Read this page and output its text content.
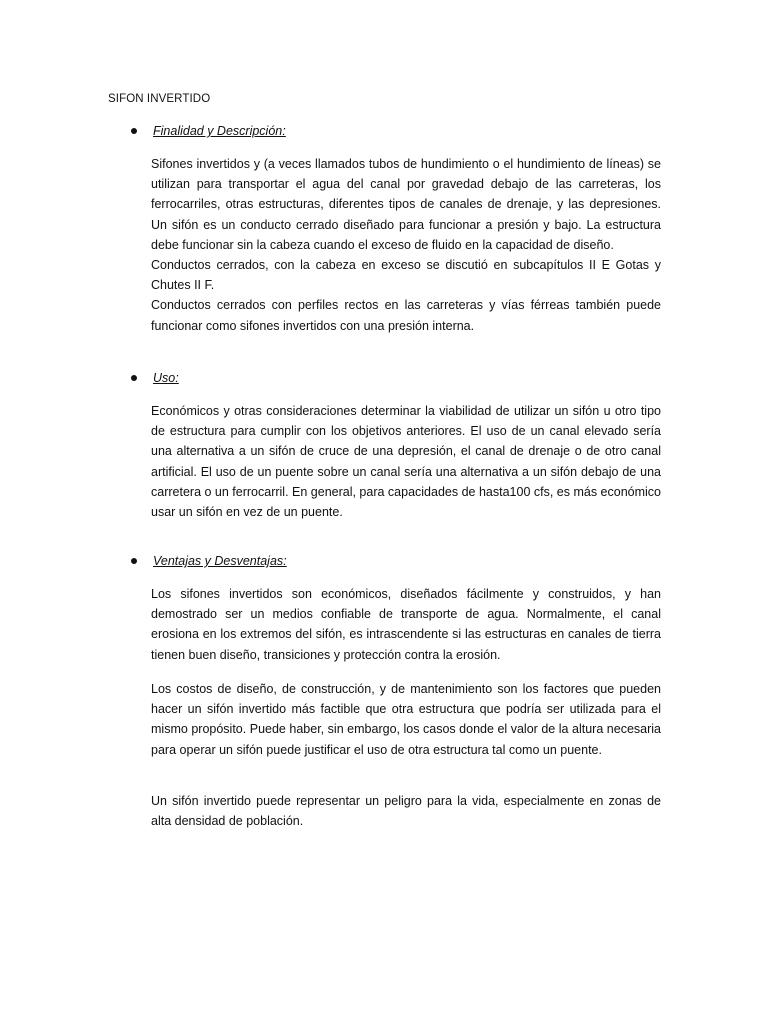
SIFON INVERTIDO
Finalidad y Descripción:

Sifones invertidos y (a veces llamados tubos de hundimiento o el hundimiento de líneas) se utilizan para transportar el agua del canal por gravedad debajo de las carreteras, los ferrocarriles, otras estructuras, diferentes tipos de canales de drenaje, y las depresiones. Un sifón es un conducto cerrado diseñado para funcionar a presión y bajo. La estructura debe funcionar sin la cabeza cuando el exceso de fluido en la capacidad de diseño.

Conductos cerrados, con la cabeza en exceso se discutió en subcapítulos II E Gotas y Chutes II F.

Conductos cerrados con perfiles rectos en las carreteras y vías férreas también puede funcionar como sifones invertidos con una presión interna.

Uso:

Económicos y otras consideraciones determinar la viabilidad de utilizar un sifón u otro tipo de estructura para cumplir con los objetivos anteriores. El uso de un canal elevado sería una alternativa a un sifón de cruce de una depresión, el canal de drenaje o de otro canal artificial. El uso de un puente sobre un canal sería una alternativa a un sifón debajo de una carretera o un ferrocarril. En general, para capacidades de hasta100 cfs, es más económico usar un sifón en vez de un puente.

Ventajas y Desventajas:

Los sifones invertidos son económicos, diseñados fácilmente y construidos, y han demostrado ser un medios confiable de transporte de agua. Normalmente, el canal erosiona en los extremos del sifón, es intrascendente si las estructuras en canales de tierra tienen buen diseño, transiciones y protección contra la erosión.

Los costos de diseño, de construcción, y de mantenimiento son los factores que pueden hacer un sifón invertido más factible que otra estructura que podría ser utilizada para el mismo propósito. Puede haber, sin embargo, los casos donde el valor de la altura necesaria para operar un sifón puede justificar el uso de otra estructura tal como un puente.

Un sifón invertido puede representar un peligro para la vida, especialmente en zonas de alta densidad de población.
